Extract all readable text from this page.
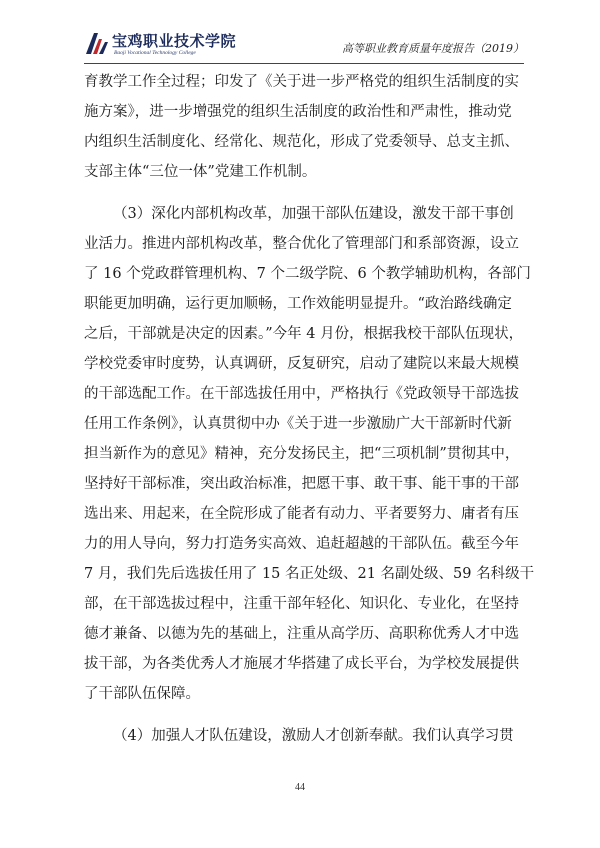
宝鸡职业技术学院
Baoji Vocational Technology College	高等职业教育质量年度报告（2019）
育教学工作全过程；印发了《关于进一步严格党的组织生活制度的实
施方案》，进一步增强党的组织生活制度的政治性和严肃性，推动党
内组织生活制度化、经常化、规范化，形成了党委领导、总支主抓、
支部主体“三位一体”党建工作机制。
（3）深化内部机构改革，加强干部队伍建设，激发干部干事创
业活力。推进内部机构改革，整合优化了管理部门和系部资源，设立
了 16 个党政群管理机构、7 个二级学院、6 个教学辅助机构，各部门
职能更加明确，运行更加顺畅，工作效能明显提升。“政治路线确定
之后，干部就是决定的因素。”今年 4 月份，根据我校干部队伍现状，
学校党委审时度势，认真调研，反复研究，启动了建院以来最大规模
的干部选配工作。在干部选拔任用中，严格执行《党政领导干部选拔
任用工作条例》，认真贯彻中办《关于进一步激励广大干部新时代新
担当新作为的意见》精神，充分发扬民主，把“三项机制”贯彻其中，
坚持好干部标准，突出政治标准，把愿干事、敢干事、能干事的干部
选出来、用起来，在全院形成了能者有动力、平者要努力、庸者有压
力的用人导向，努力打造务实高效、追赶超越的干部队伍。截至今年
7 月，我们先后选拔任用了 15 名正处级、21 名副处级、59 名科级干
部，在干部选拔过程中，注重干部年轻化、知识化、专业化，在坚持
德才兼备、以德为先的基础上，注重从高学历、高职称优秀人才中选
拔干部，为各类优秀人才施展才华搭建了成长平台，为学校发展提供
了干部队伍保障。
（4）加强人才队伍建设，激励人才创新奉献。我们认真学习贯
44
